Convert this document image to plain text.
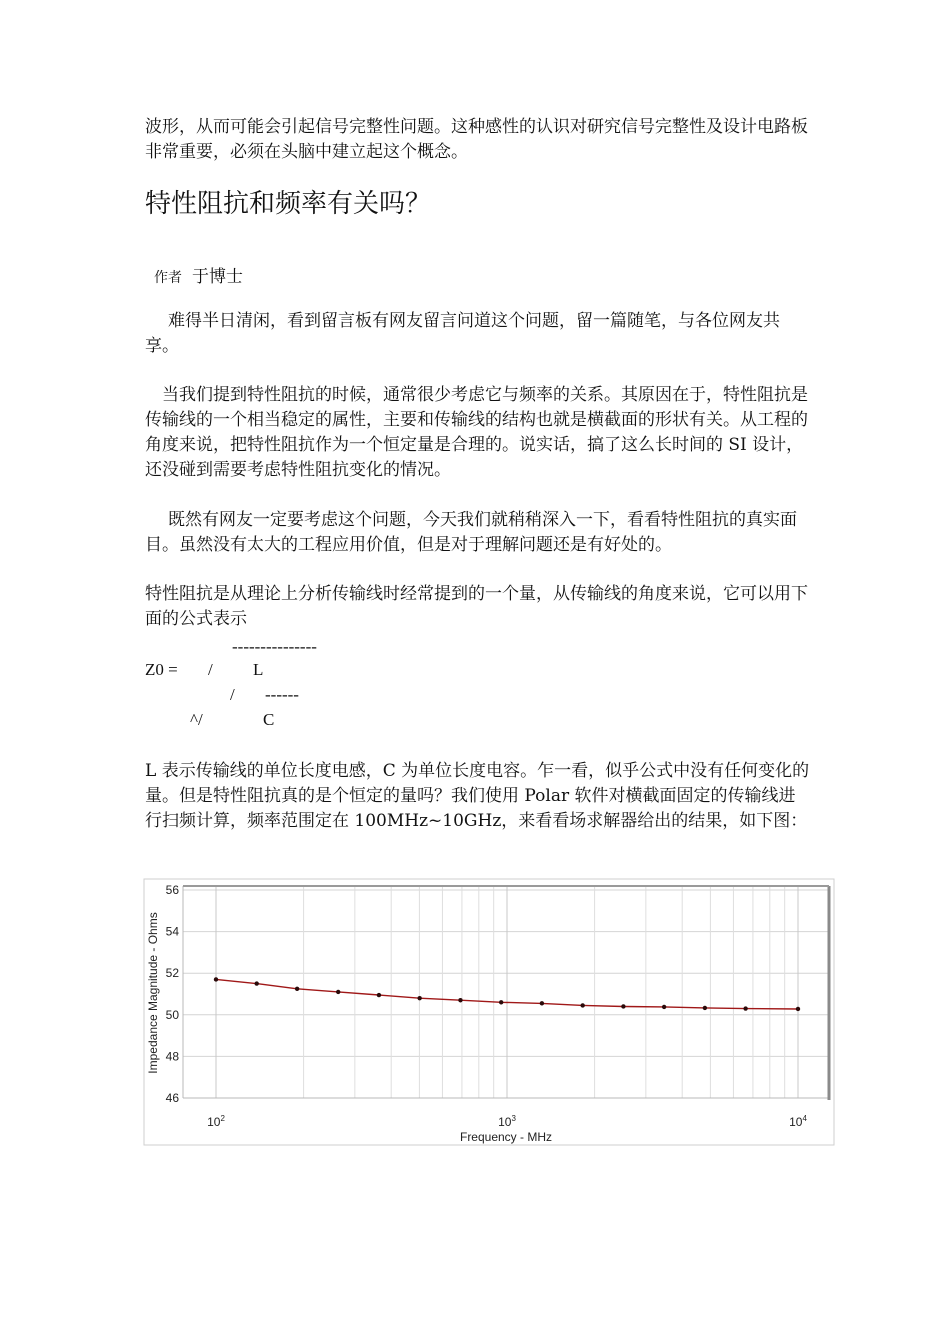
波形，从而可能会引起信号完整性问题。这种感性的认识对研究信号完整性及设计电路板非常重要，必须在头脑中建立起这个概念。

特性阻抗和频率有关吗？
作者 于博士

难得半日清闲，看到留言板有网友留言问道这个问题，留一篇随笔，与各位网友共享。

当我们提到特性阻抗的时候，通常很少考虑它与频率的关系。其原因在于，特性阻抗是传输线的一个相当稳定的属性，主要和传输线的结构也就是横截面的形状有关。从工程的角度来说，把特性阻抗作为一个恒定量是合理的。说实话，搞了这么长时间的 SI 设计，还没碰到需要考虑特性阻抗变化的情况。

既然有网友一定要考虑这个问题，今天我们就稍稍深入一下，看看特性阻抗的真实面目。虽然没有太大的工程应用价值，但是对于理解问题还是有好处的。

特性阻抗是从理论上分析传输线时经常提到的一个量，从传输线的角度来说，它可以用下面的公式表示

---------------
Z0 = / L
/ ------
^/	C

L 表示传输线的单位长度电感，C 为单位长度电容。乍一看，似乎公式中没有任何变化的量。但是特性阻抗真的是个恒定的量吗？我们使用 Polar 软件对横截面固定的传输线进行扫频计算，频率范围定在 100MHz~10GHz，来看看场求解器给出的结果，如下图：

46
48
50
52
54
56
$10^2$	$10^3$	$10^4$
Frequency - MHz
Impedance Magnitude - Ohms
